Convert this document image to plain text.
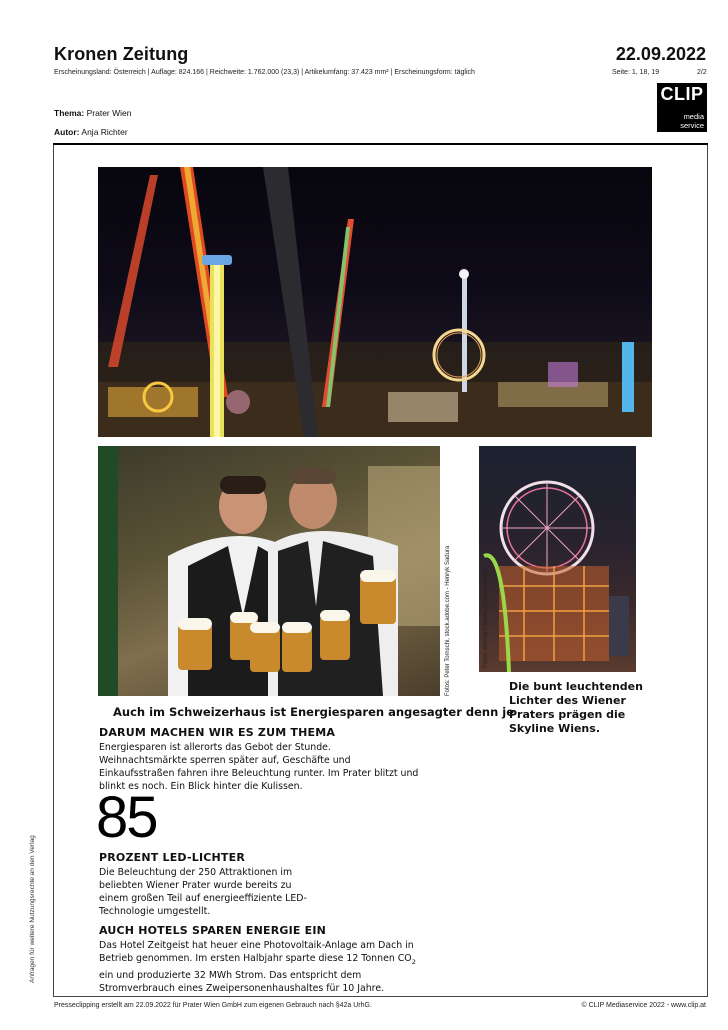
Kronen Zeitung
Erscheinungsland: Österreich | Auflage: 824.166 | Reichweite: 1.762.000 (23,3) | Artikelumfang: 37.423 mm² | Erscheinungsform: täglich
22.09.2022
Seite: 1, 18, 19	2/2
CLIP
media
service
Thema: Prater Wien
Autor: Anja Richter
Fotos: Peter Tomschi, stock.adobe.com - Henryk Sadura	Fotos: Gerhard Bartel, Praterverband
Die bunt leuchtenden Lichter des Wiener Praters prägen die Skyline Wiens.
Auch im Schweizerhaus ist Energiesparen angesagter denn je
DARUM MACHEN WIR ES ZUM THEMA
Energiesparen ist allerorts das Gebot der Stunde. Weihnachtsmärkte sperren später auf, Geschäfte und Einkaufsstraßen fahren ihre Beleuchtung runter. Im Prater blitzt und blinkt es noch. Ein Blick hinter die Kulissen.
85
PROZENT LED-LICHTER
Die Beleuchtung der 250 Attraktionen im beliebten Wiener Prater wurde bereits zu einem großen Teil auf energieeffiziente LED-Technologie umgestellt.
AUCH HOTELS SPAREN ENERGIE EIN
Das Hotel Zeitgeist hat heuer eine Photovoltaik-Anlage am Dach in Betrieb genommen. Im ersten Halbjahr sparte diese 12 Tonnen $CO_2$ ein und produzierte 32 MWh Strom. Das entspricht dem Stromverbrauch eines Zweipersonenhaushaltes für 10 Jahre.
Anfragen für weitere Nutzungsrechte an den Verlag
Presseclipping erstellt am 22.09.2022 für Prater Wien GmbH zum eigenen Gebrauch nach §42a UrhG.	© CLIP Mediaservice 2022 - www.clip.at
